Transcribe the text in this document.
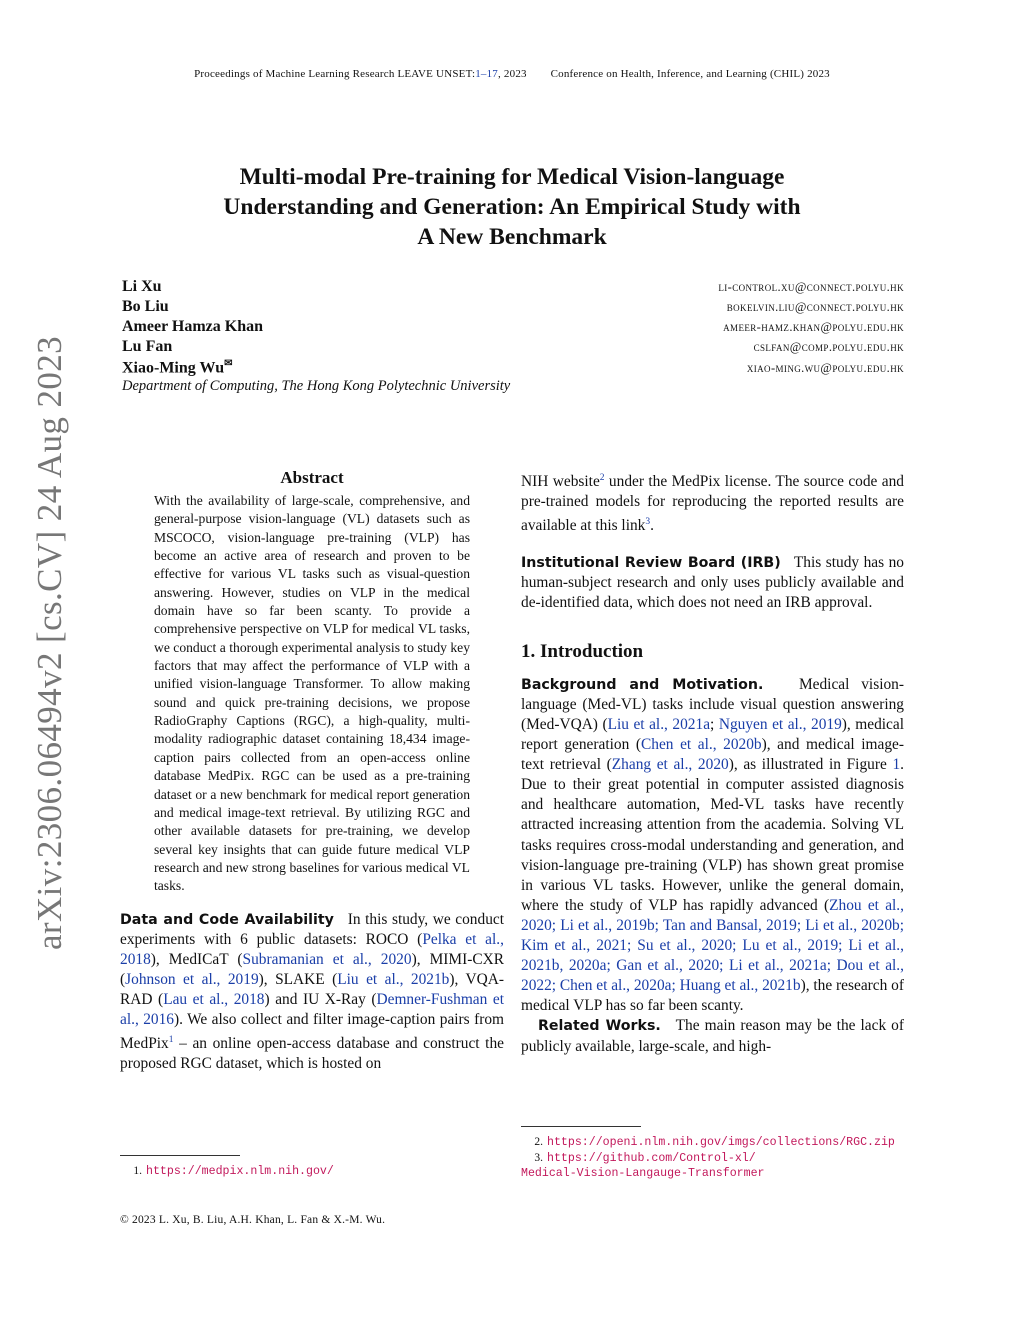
Proceedings of Machine Learning Research LEAVE UNSET:1–17, 2023 Conference on Health, Inference, and Learning (CHIL) 2023
arXiv:2306.06494v2 [cs.CV] 24 Aug 2023
Multi-modal Pre-training for Medical Vision-language
Understanding and Generation: An Empirical Study with
A New Benchmark
Li Xu	li-control.xu@connect.polyu.hk
Bo Liu	bokelvin.liu@connect.polyu.hk
Ameer Hamza Khan	ameer-hamz.khan@polyu.edu.hk
Lu Fan	cslfan@comp.polyu.edu.hk
Xiao-Ming Wu✉	xiao-ming.wu@polyu.edu.hk
Department of Computing, The Hong Kong Polytechnic University
Abstract

With the availability of large-scale, comprehensive, and general-purpose vision-language (VL) datasets such as MSCOCO, vision-language pre-training (VLP) has become an active area of research and proven to be effective for various VL tasks such as visual-question answering. However, studies on VLP in the medical domain have so far been scanty. To provide a comprehensive perspective on VLP for medical VL tasks, we conduct a thorough experimental analysis to study key factors that may affect the performance of VLP with a unified vision-language Transformer. To allow making sound and quick pre-training decisions, we propose RadioGraphy Captions (RGC), a high-quality, multi-modality radiographic dataset containing 18,434 image-caption pairs collected from an open-access online database MedPix. RGC can be used as a pre-training dataset or a new benchmark for medical report generation and medical image-text retrieval. By utilizing RGC and other available datasets for pre-training, we develop several key insights that can guide future medical VLP research and new strong baselines for various medical VL tasks.

Data and Code Availability In this study, we conduct experiments with 6 public datasets: ROCO (Pelka et al., 2018), MedICaT (Subramanian et al., 2020), MIMI-CXR (Johnson et al., 2019), SLAKE (Liu et al., 2021b), VQA-RAD (Lau et al., 2018) and IU X-Ray (Demner-Fushman et al., 2016). We also collect and filter image-caption pairs from MedPix$^1$ – an online open-access database and construct the proposed RGC dataset, which is hosted on

NIH website$^2$ under the MedPix license. The source code and pre-trained models for reproducing the reported results are available at this link$^3$.

Institutional Review Board (IRB) This study has no human-subject research and only uses publicly available and de-identified data, which does not need an IRB approval.

1. Introduction

Background and Motivation. Medical vision-language (Med-VL) tasks include visual question answering (Med-VQA) (Liu et al., 2021a; Nguyen et al., 2019), medical report generation (Chen et al., 2020b), and medical image-text retrieval (Zhang et al., 2020), as illustrated in Figure 1. Due to their great potential in computer assisted diagnosis and healthcare automation, Med-VL tasks have recently attracted increasing attention from the academia. Solving VL tasks requires cross-modal understanding and generation, and vision-language pre-training (VLP) has shown great promise in various VL tasks. However, unlike the general domain, where the study of VLP has rapidly advanced (Zhou et al., 2020; Li et al., 2019b; Tan and Bansal, 2019; Li et al., 2020b; Kim et al., 2021; Su et al., 2020; Lu et al., 2019; Li et al., 2021b, 2020a; Gan et al., 2020; Li et al., 2021a; Dou et al., 2022; Chen et al., 2020a; Huang et al., 2021b), the research of medical VLP has so far been scanty.

Related Works. The main reason may be the lack of publicly available, large-scale, and high-

1. https://medpix.nlm.nih.gov/
2. https://openi.nlm.nih.gov/imgs/collections/RGC.zip
3. https://github.com/Control-xl/
Medical-Vision-Langauge-Transformer
© 2023 L. Xu, B. Liu, A.H. Khan, L. Fan & X.-M. Wu.
